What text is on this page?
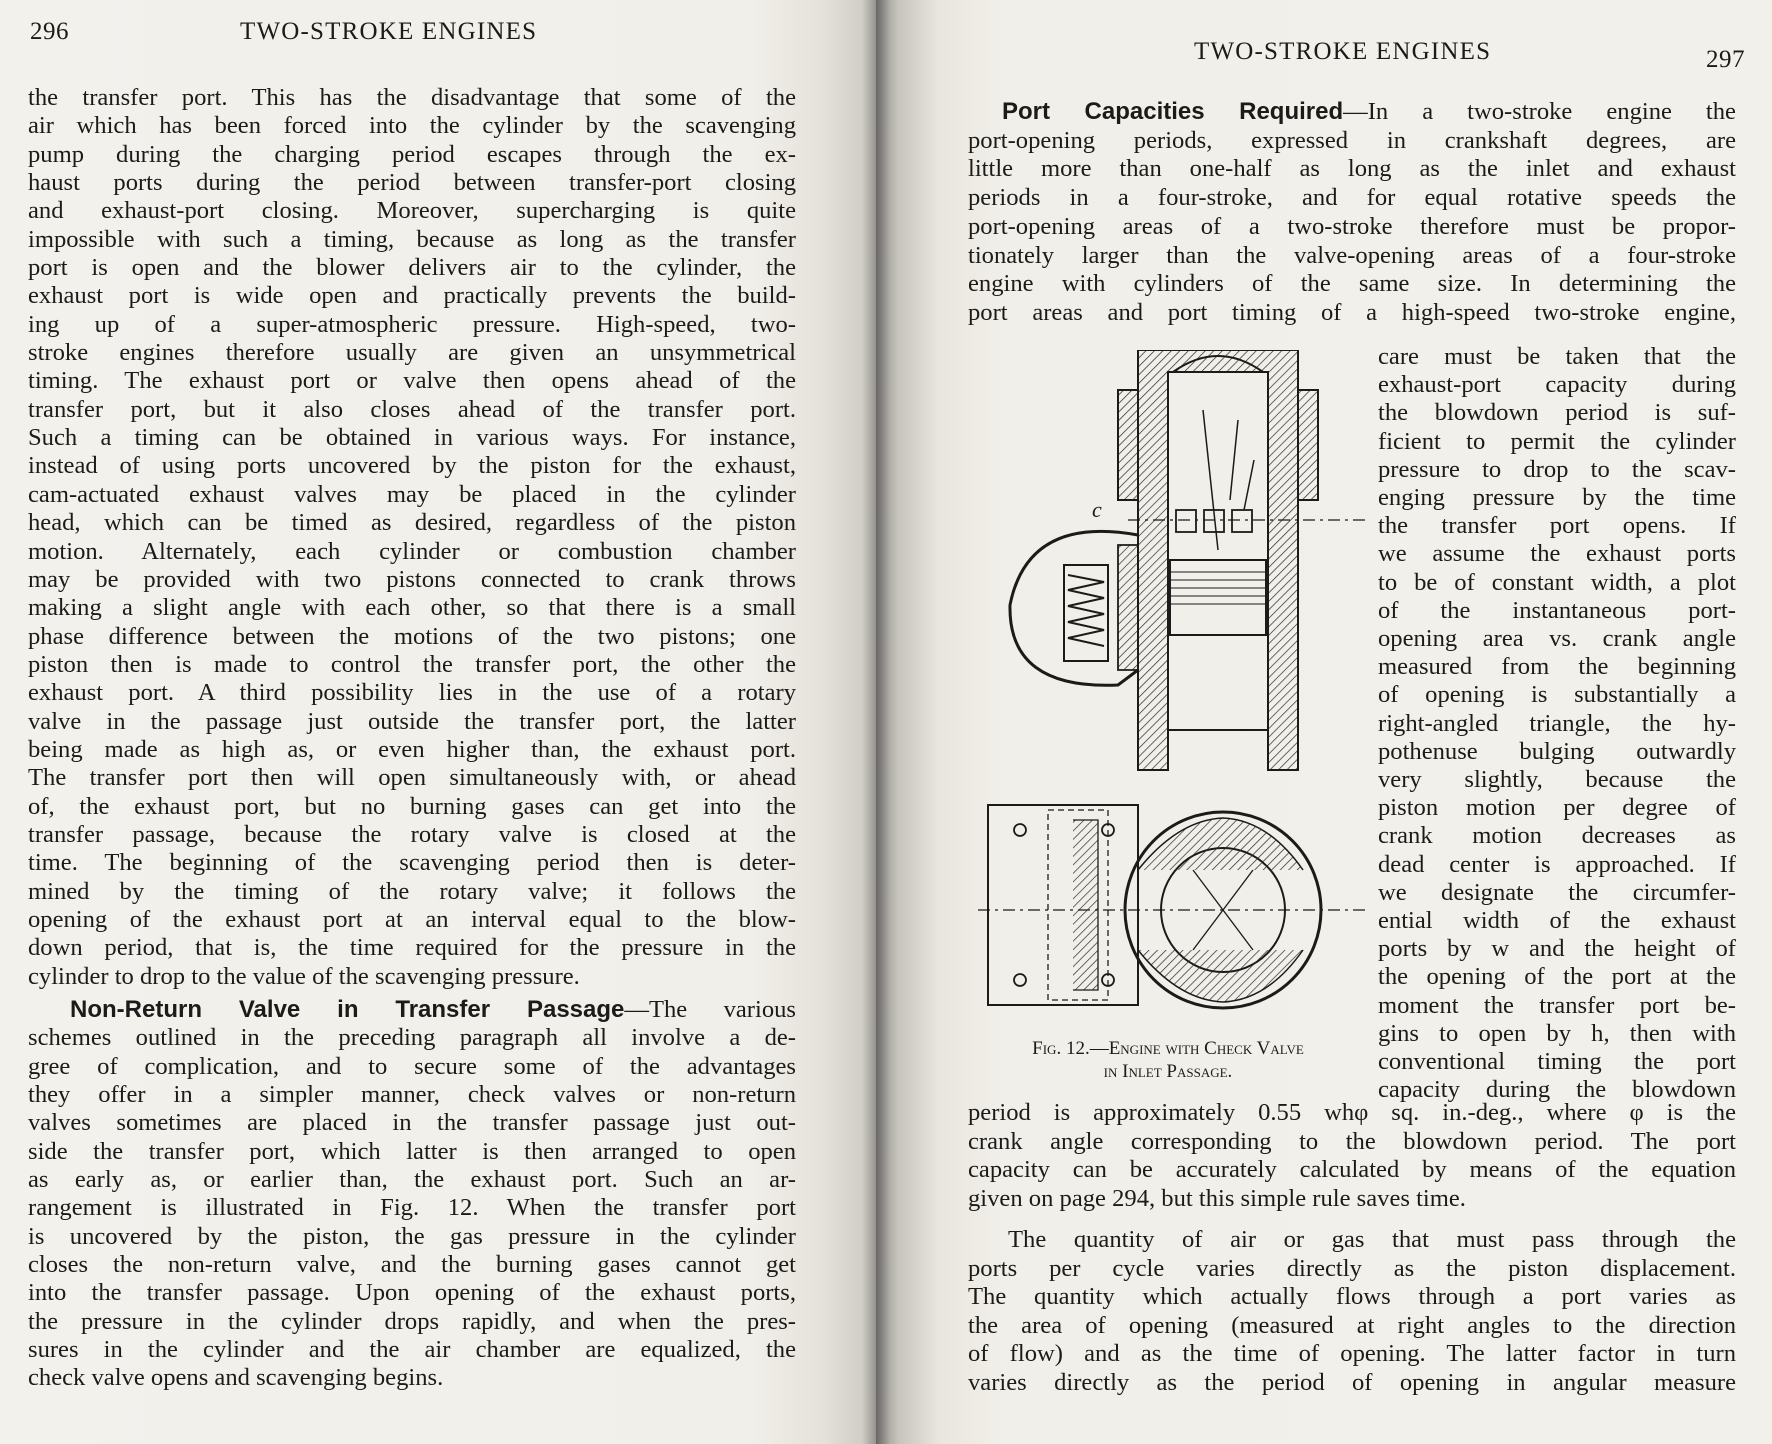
296	TWO-STROKE ENGINES
the transfer port. This has the disadvantage that some of the
air which has been forced into the cylinder by the scavenging
pump during the charging period escapes through the ex-
haust ports during the period between transfer-port closing
and exhaust-port closing. Moreover, supercharging is quite
impossible with such a timing, because as long as the transfer
port is open and the blower delivers air to the cylinder, the
exhaust port is wide open and practically prevents the build-
ing up of a super-atmospheric pressure. High-speed, two-
stroke engines therefore usually are given an unsymmetrical
timing. The exhaust port or valve then opens ahead of the
transfer port, but it also closes ahead of the transfer port.
Such a timing can be obtained in various ways. For instance,
instead of using ports uncovered by the piston for the exhaust,
cam-actuated exhaust valves may be placed in the cylinder
head, which can be timed as desired, regardless of the piston
motion. Alternately, each cylinder or combustion chamber
may be provided with two pistons connected to crank throws
making a slight angle with each other, so that there is a small
phase difference between the motions of the two pistons; one
piston then is made to control the transfer port, the other the
exhaust port. A third possibility lies in the use of a rotary
valve in the passage just outside the transfer port, the latter
being made as high as, or even higher than, the exhaust port.
The transfer port then will open simultaneously with, or ahead
of, the exhaust port, but no burning gases can get into the
transfer passage, because the rotary valve is closed at the
time. The beginning of the scavenging period then is deter-
mined by the timing of the rotary valve; it follows the
opening of the exhaust port at an interval equal to the blow-
down period, that is, the time required for the pressure in the
cylinder to drop to the value of the scavenging pressure.
Non-Return Valve in Transfer Passage—The various
schemes outlined in the preceding paragraph all involve a de-
gree of complication, and to secure some of the advantages
they offer in a simpler manner, check valves or non-return
valves sometimes are placed in the transfer passage just out-
side the transfer port, which latter is then arranged to open
as early as, or earlier than, the exhaust port. Such an ar-
rangement is illustrated in Fig. 12. When the transfer port
is uncovered by the piston, the gas pressure in the cylinder
closes the non-return valve, and the burning gases cannot get
into the transfer passage. Upon opening of the exhaust ports,
the pressure in the cylinder drops rapidly, and when the pres-
sures in the cylinder and the air chamber are equalized, the
check valve opens and scavenging begins.
TWO-STROKE ENGINES	297
Port Capacities Required—In a two-stroke engine the
port-opening periods, expressed in crankshaft degrees, are
little more than one-half as long as the inlet and exhaust
periods in a four-stroke, and for equal rotative speeds the
port-opening areas of a two-stroke therefore must be propor-
tionately larger than the valve-opening areas of a four-stroke
engine with cylinders of the same size. In determining the
port areas and port timing of a high-speed two-stroke engine,
care must be taken that the
exhaust-port capacity during
the blowdown period is suf-
ficient to permit the cylinder
pressure to drop to the scav-
enging pressure by the time
the transfer port opens. If
we assume the exhaust ports
to be of constant width, a plot
of the instantaneous port-
opening area vs. crank angle
measured from the beginning
of opening is substantially a
right-angled triangle, the hy-
pothenuse bulging outwardly
very slightly, because the
piston motion per degree of
crank motion decreases as
dead center is approached. If
we designate the circumfer-
ential width of the exhaust
ports by w and the height of
the opening of the port at the
moment the transfer port be-
gins to open by h, then with
conventional timing the port
capacity during the blowdown
c
Fig. 12.—Engine with Check Valve
in Inlet Passage.
period is approximately 0.55 whφ sq. in.-deg., where φ is the
crank angle corresponding to the blowdown period. The port
capacity can be accurately calculated by means of the equation
given on page 294, but this simple rule saves time.
The quantity of air or gas that must pass through the
ports per cycle varies directly as the piston displacement.
The quantity which actually flows through a port varies as
the area of opening (measured at right angles to the direction
of flow) and as the time of opening. The latter factor in turn
varies directly as the period of opening in angular measure
